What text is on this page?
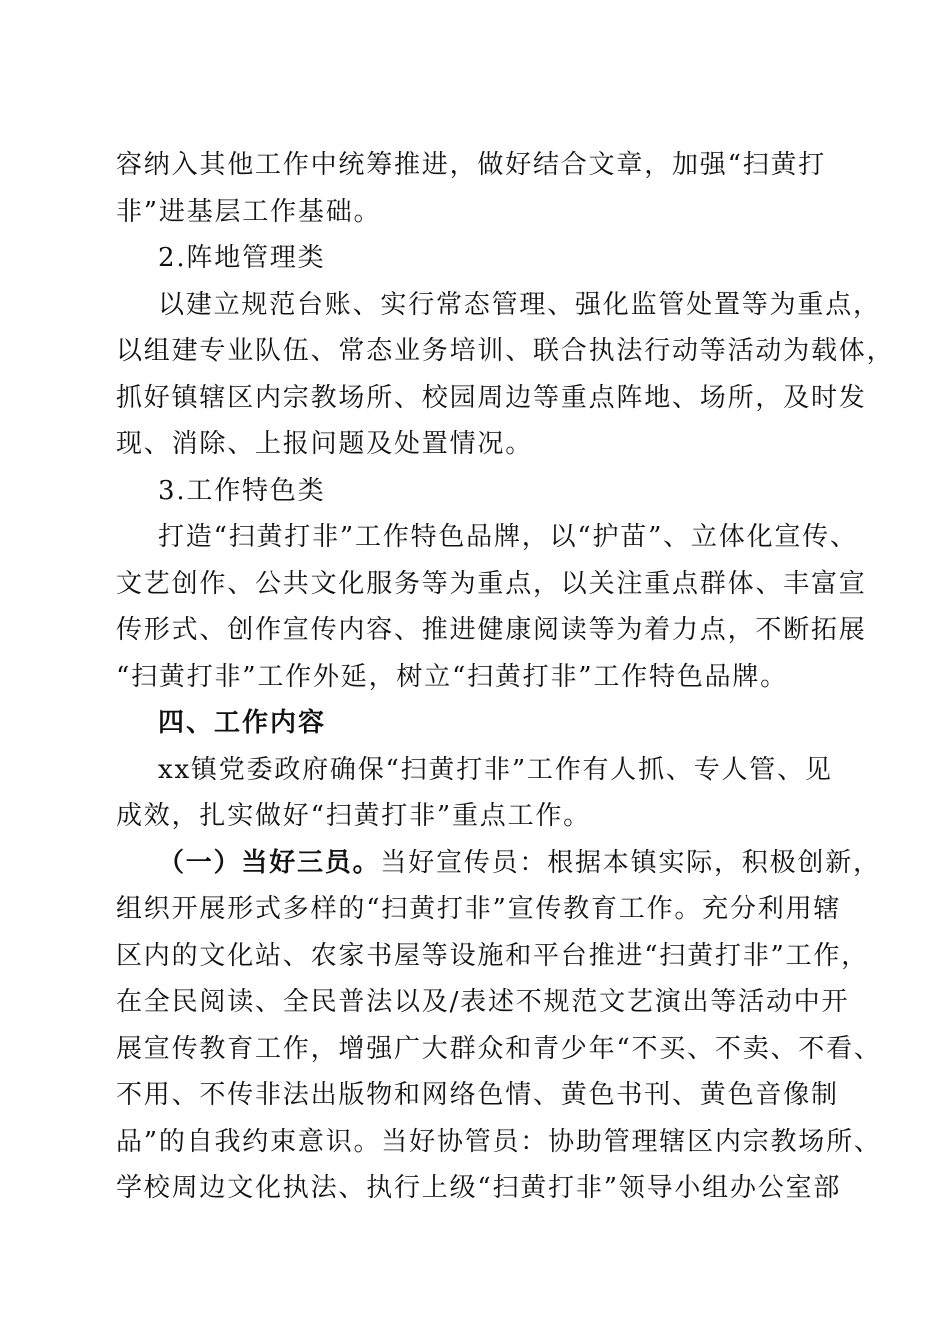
容纳入其他工作中统筹推进，做好结合文章，加强“扫黄打
非”进基层工作基础。
2.阵地管理类
以建立规范台账、实行常态管理、强化监管处置等为重点，
以组建专业队伍、常态业务培训、联合执法行动等活动为载体，
抓好镇辖区内宗教场所、校园周边等重点阵地、场所，及时发
现、消除、上报问题及处置情况。
3.工作特色类
打造“扫黄打非”工作特色品牌，以“护苗”、立体化宣传、
文艺创作、公共文化服务等为重点，以关注重点群体、丰富宣
传形式、创作宣传内容、推进健康阅读等为着力点，不断拓展
“扫黄打非”工作外延，树立“扫黄打非”工作特色品牌。
四、工作内容
xx镇党委政府确保“扫黄打非”工作有人抓、专人管、见
成效，扎实做好“扫黄打非”重点工作。
（一）当好三员。当好宣传员：根据本镇实际，积极创新，
组织开展形式多样的“扫黄打非”宣传教育工作。充分利用辖
区内的文化站、农家书屋等设施和平台推进“扫黄打非”工作，
在全民阅读、全民普法以及/表述不规范文艺演出等活动中开
展宣传教育工作，增强广大群众和青少年“不买、不卖、不看、
不用、不传非法出版物和网络色情、黄色书刊、黄色音像制
品”的自我约束意识。当好协管员：协助管理辖区内宗教场所、
学校周边文化执法、执行上级“扫黄打非”领导小组办公室部
